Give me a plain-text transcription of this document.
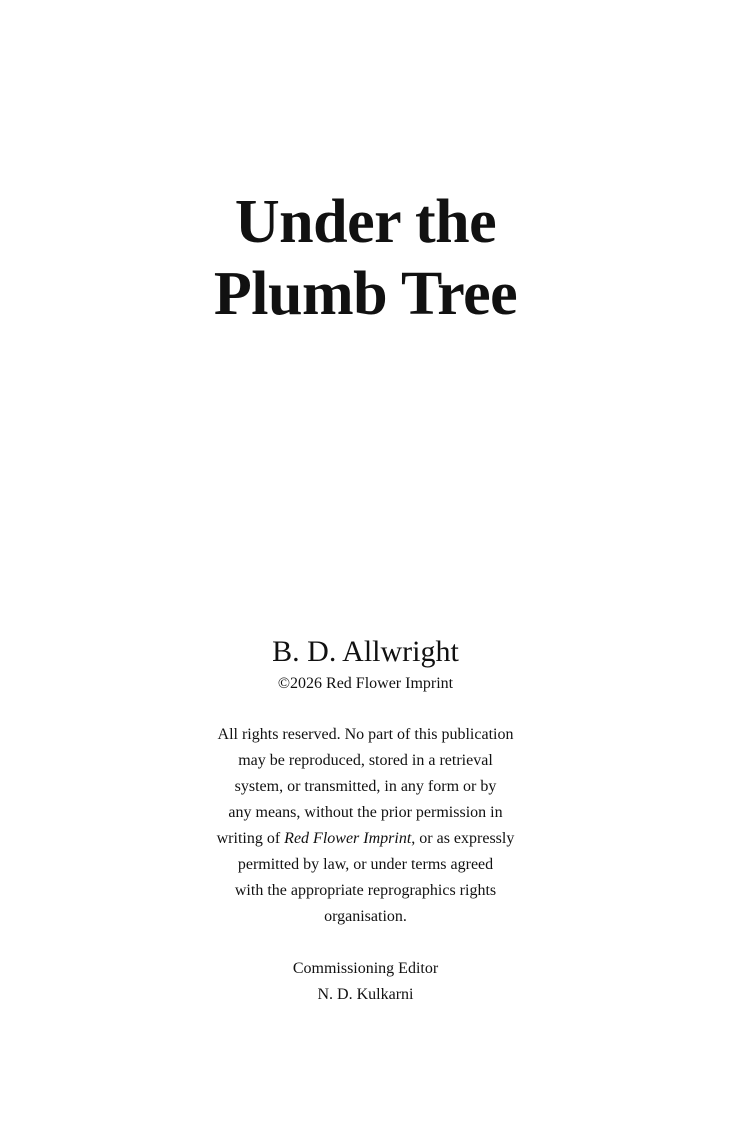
Under the
Plumb Tree

B. D. Allwright

©2026 Red Flower Imprint

All rights reserved. No part of this publication
may be reproduced, stored in a retrieval
system, or transmitted, in any form or by
any means, without the prior permission in
writing of Red Flower Imprint, or as expressly
permitted by law, or under terms agreed
with the appropriate reprographics rights
organisation.
Commissioning Editor
N. D. Kulkarni
